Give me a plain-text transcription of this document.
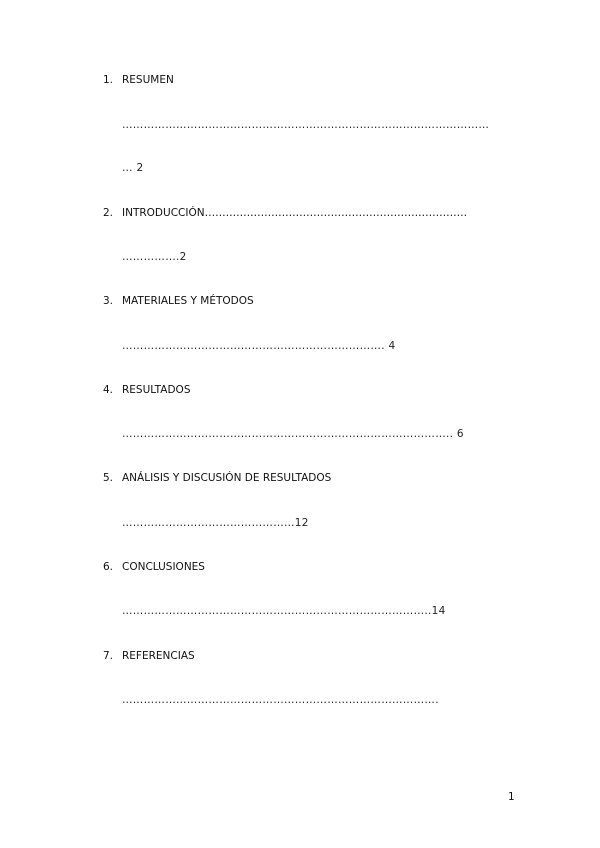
1. RESUMEN
…………………………………………………………………………………………
… 2
2. INTRODUCCIÓN…………………………………………………………………
…………….2
3. MATERIALES Y MÉTODOS
………………………………………………………………. 4
4. RESULTADOS
……………………………………………………………………………….. 6
5. ANÁLISIS Y DISCUSIÓN DE RESULTADOS
…………………………………………12
6. CONCLUSIONES
…………………………………………………………………………..14
7. REFERENCIAS
…………………………………………………………………………….
1
